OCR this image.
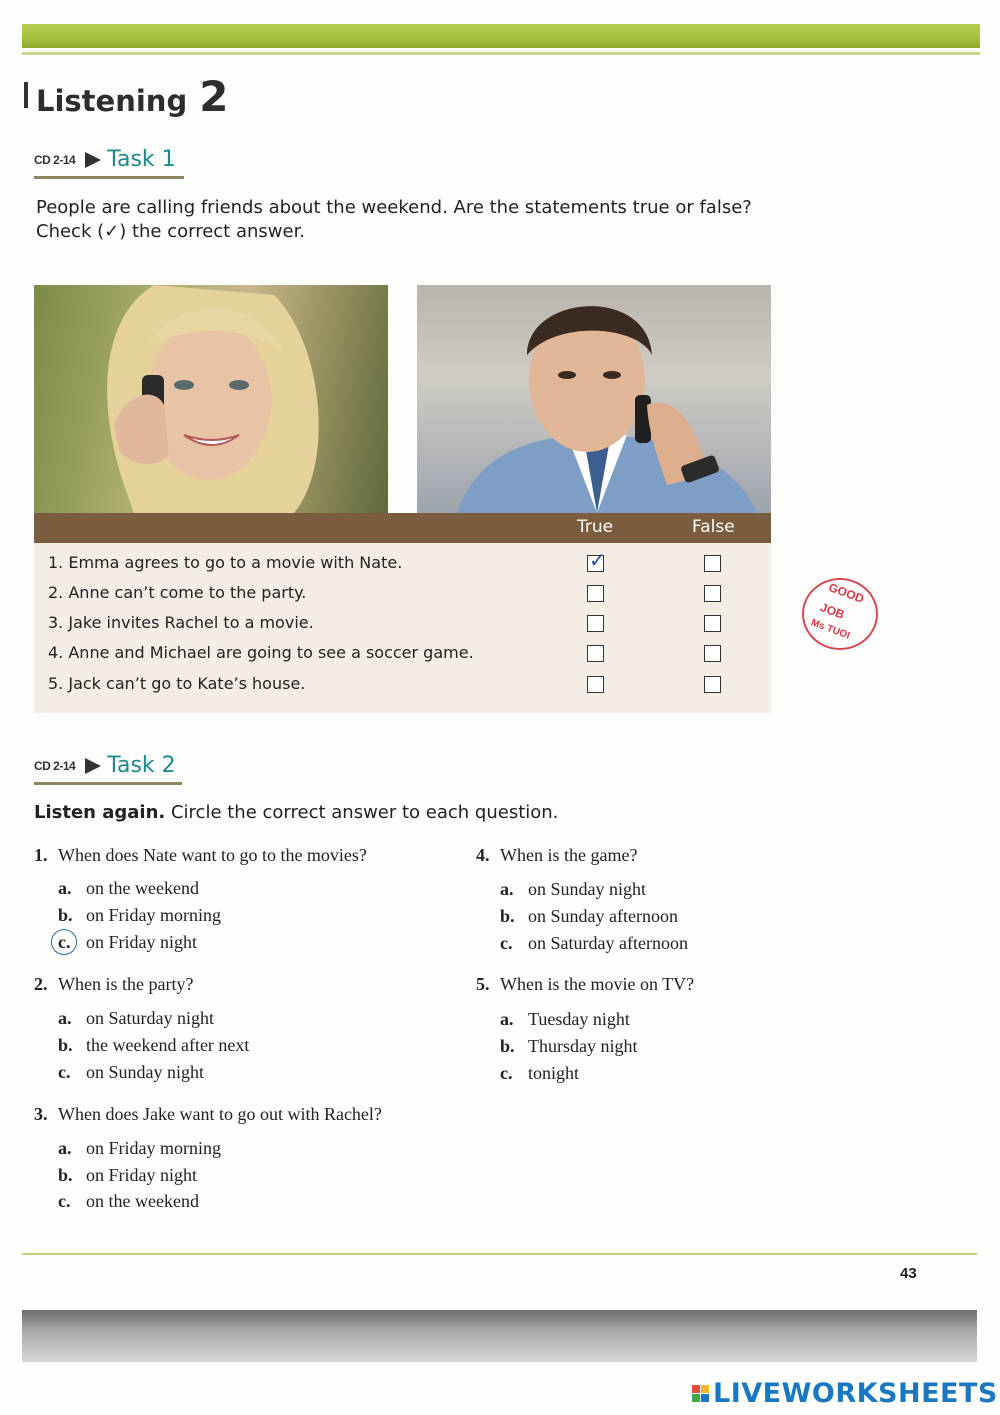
Listening 2
CD 2-14 Task 1
People are calling friends about the weekend. Are the statements true or false?
Check (✓) the correct answer.
True	False
1. Emma agrees to go to a movie with Nate.	✓
2. Anne can’t come to the party.
3. Jake invites Rachel to a movie.
4. Anne and Michael are going to see a soccer game.
5. Jack can’t go to Kate’s house.
GOOD
JOB
Ms TUOI
CD 2-14 Task 2
Listen again. Circle the correct answer to each question.
1. When does Nate want to go to the movies?
a. on the weekend
b. on Friday morning
c. on Friday night
2. When is the party?
a. on Saturday night
b. the weekend after next
c. on Sunday night
3. When does Jake want to go out with Rachel?
a. on Friday morning
b. on Friday night
c. on the weekend
4. When is the game?
a. on Sunday night
b. on Sunday afternoon
c. on Saturday afternoon
5. When is the movie on TV?
a. Tuesday night
b. Thursday night
c. tonight
43
LIVEWORKSHEETS
